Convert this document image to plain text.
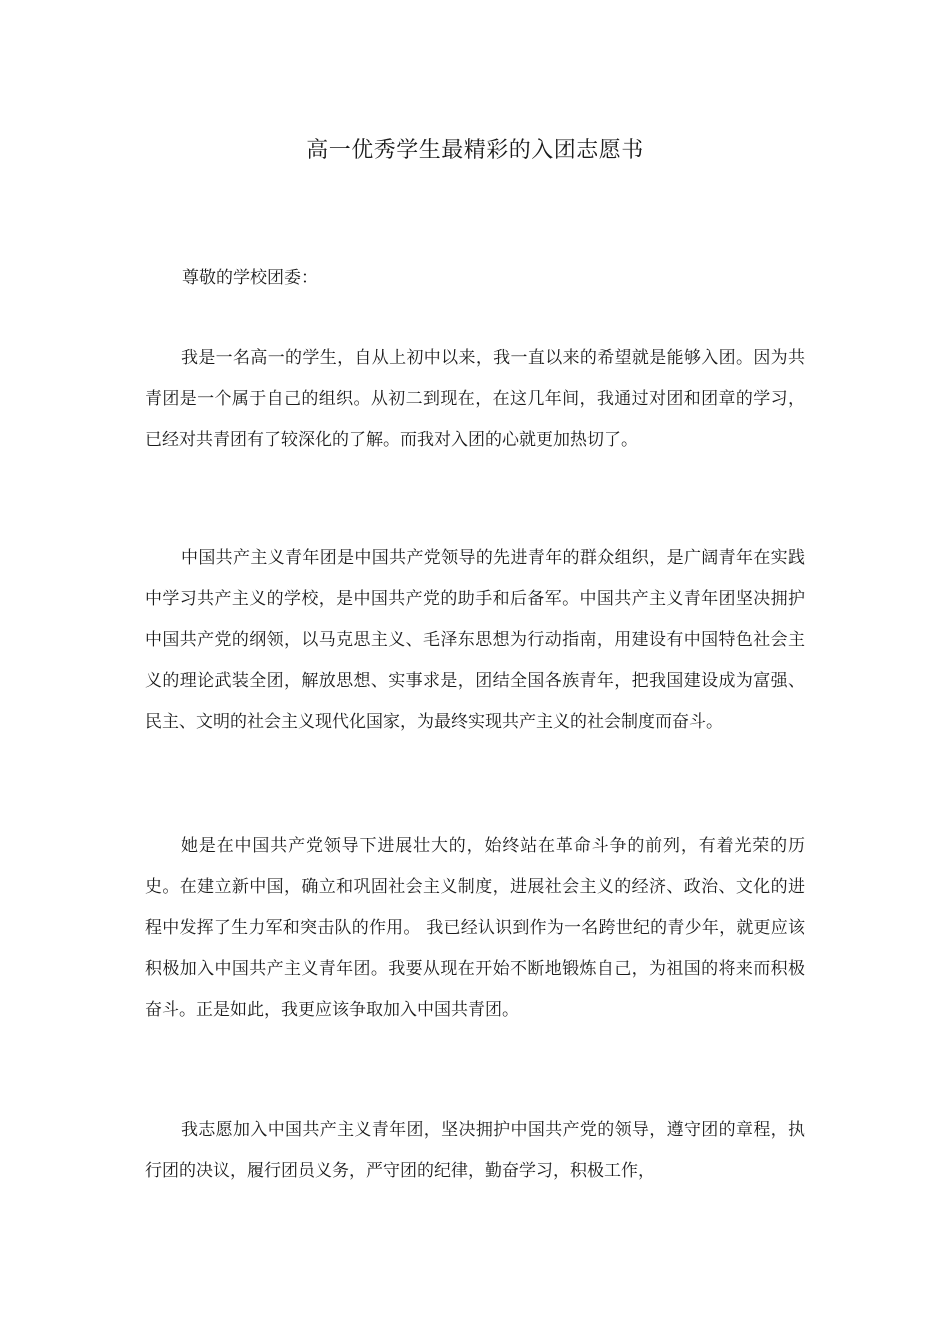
高一优秀学生最精彩的入团志愿书
尊敬的学校团委：

我是一名高一的学生，自从上初中以来，我一直以来的希望就是能够入团。因为共青团是一个属于自己的组织。从初二到现在，在这几年间，我通过对团和团章的学习，已经对共青团有了较深化的了解。而我对入团的心就更加热切了。

中国共产主义青年团是中国共产党领导的先进青年的群众组织，是广阔青年在实践中学习共产主义的学校，是中国共产党的助手和后备军。中国共产主义青年团坚决拥护中国共产党的纲领，以马克思主义、毛泽东思想为行动指南，用建设有中国特色社会主义的理论武装全团，解放思想、实事求是，团结全国各族青年，把我国建设成为富强、民主、文明的社会主义现代化国家，为最终实现共产主义的社会制度而奋斗。

她是在中国共产党领导下进展壮大的，始终站在革命斗争的前列，有着光荣的历史。在建立新中国，确立和巩固社会主义制度，进展社会主义的经济、政治、文化的进程中发挥了生力军和突击队的作用。 我已经认识到作为一名跨世纪的青少年，就更应该积极加入中国共产主义青年团。我要从现在开始不断地锻炼自己，为祖国的将来而积极奋斗。正是如此，我更应该争取加入中国共青团。

我志愿加入中国共产主义青年团，坚决拥护中国共产党的领导，遵守团的章程，执行团的决议，履行团员义务，严守团的纪律，勤奋学习，积极工作，
